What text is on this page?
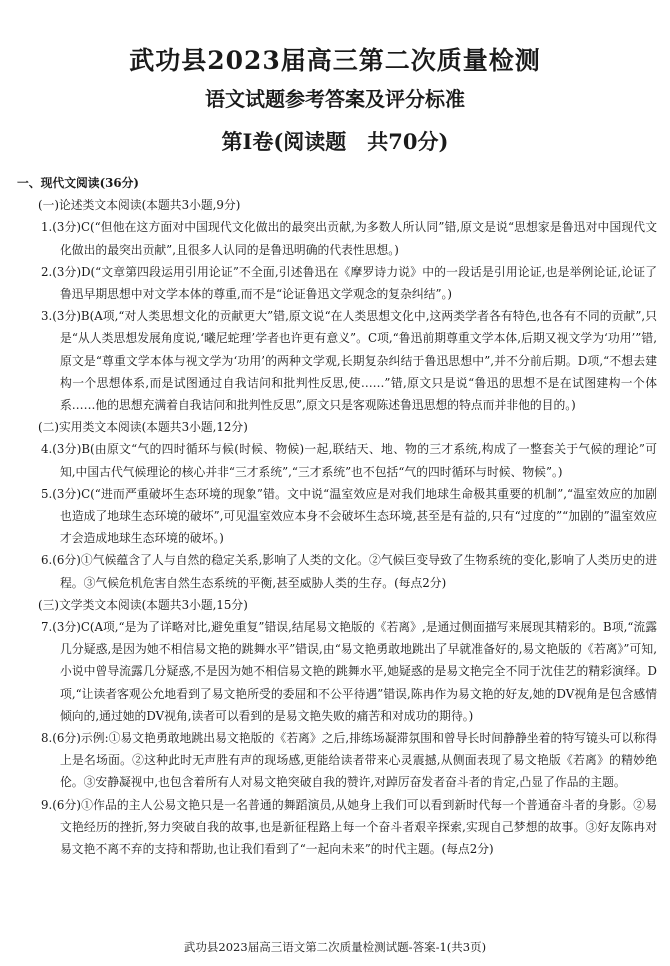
武功县2023届高三第二次质量检测
语文试题参考答案及评分标准
第Ⅰ卷(阅读题　共70分)

一、现代文阅读(36分)

(一)论述类文本阅读(本题共3小题,9分)

1.(3分)C(“但他在这方面对中国现代文化做出的最突出贡献,为多数人所认同”错,原文是说“思想家是鲁迅对中国现代文化做出的最突出贡献”,且很多人认同的是鲁迅明确的代表性思想。)

2.(3分)D(“文章第四段运用引用论证”不全面,引述鲁迅在《摩罗诗力说》中的一段话是引用论证,也是举例论证,论证了鲁迅早期思想中对文学本体的尊重,而不是“论证鲁迅文学观念的复杂纠结”。)

3.(3分)B(A项,“对人类思想文化的贡献更大”错,原文说“在人类思想文化中,这两类学者各有特色,也各有不同的贡献”,只是“从人类思想发展角度说,‘曦尼蛇理’学者也许更有意义”。C项,“鲁迅前期尊重文学本体,后期又视文学为‘功用’”错,原文是“尊重文学本体与视文学为‘功用’的两种文学观,长期复杂纠结于鲁迅思想中”,并不分前后期。D项,“不想去建构一个思想体系,而是试图通过自我诘问和批判性反思,使……”错,原文只是说“鲁迅的思想不是在试图建构一个体系……他的思想充满着自我诘问和批判性反思”,原文只是客观陈述鲁迅思想的特点而并非他的目的。)

(二)实用类文本阅读(本题共3小题,12分)

4.(3分)B(由原文“气的四时循环与候(时候、物候)一起,联结天、地、物的三才系统,构成了一整套关于气候的理论”可知,中国古代气候理论的核心并非“三才系统”,“三才系统”也不包括“气的四时循环与时候、物候”。)

5.(3分)C(“进而严重破坏生态环境的现象”错。文中说“温室效应是对我们地球生命极其重要的机制”,“温室效应的加剧也造成了地球生态环境的破坏”,可见温室效应本身不会破坏生态环境,甚至是有益的,只有“过度的”“加剧的”温室效应才会造成地球生态环境的破坏。)

6.(6分)①气候蕴含了人与自然的稳定关系,影响了人类的文化。②气候巨变导致了生物系统的变化,影响了人类历史的进程。③气候危机危害自然生态系统的平衡,甚至威胁人类的生存。(每点2分)

(三)文学类文本阅读(本题共3小题,15分)

7.(3分)C(A项,“是为了详略对比,避免重复”错误,结尾易文艳版的《若离》,是通过侧面描写来展现其精彩的。B项,“流露几分疑惑,是因为她不相信易文艳的跳舞水平”错误,由“易文艳勇敢地跳出了早就准备好的,易文艳版的《若离》”可知,小说中曾导流露几分疑惑,不是因为她不相信易文艳的跳舞水平,她疑惑的是易文艳完全不同于沈佳艺的精彩演绎。D项,“让读者客观公允地看到了易文艳所受的委屈和不公平待遇”错误,陈冉作为易文艳的好友,她的DV视角是包含感情倾向的,通过她的DV视角,读者可以看到的是易文艳失败的痛苦和对成功的期待。)

8.(6分)示例:①易文艳勇敢地跳出易文艳版的《若离》之后,排练场凝滞氛围和曾导长时间静静坐着的特写镜头可以称得上是名场面。②这种此时无声胜有声的现场感,更能给读者带来心灵震撼,从侧面表现了易文艳版《若离》的精妙绝伦。③安静凝视中,也包含着所有人对易文艳突破自我的赞许,对踔厉奋发者奋斗者的肯定,凸显了作品的主题。

9.(6分)①作品的主人公易文艳只是一名普通的舞蹈演员,从她身上我们可以看到新时代每一个普通奋斗者的身影。②易文艳经历的挫折,努力突破自我的故事,也是新征程路上每一个奋斗者艰辛探索,实现自己梦想的故事。③好友陈冉对易文艳不离不弃的支持和帮助,也让我们看到了“一起向未来”的时代主题。(每点2分)

武功县2023届高三语文第二次质量检测试题-答案-1(共3页)
